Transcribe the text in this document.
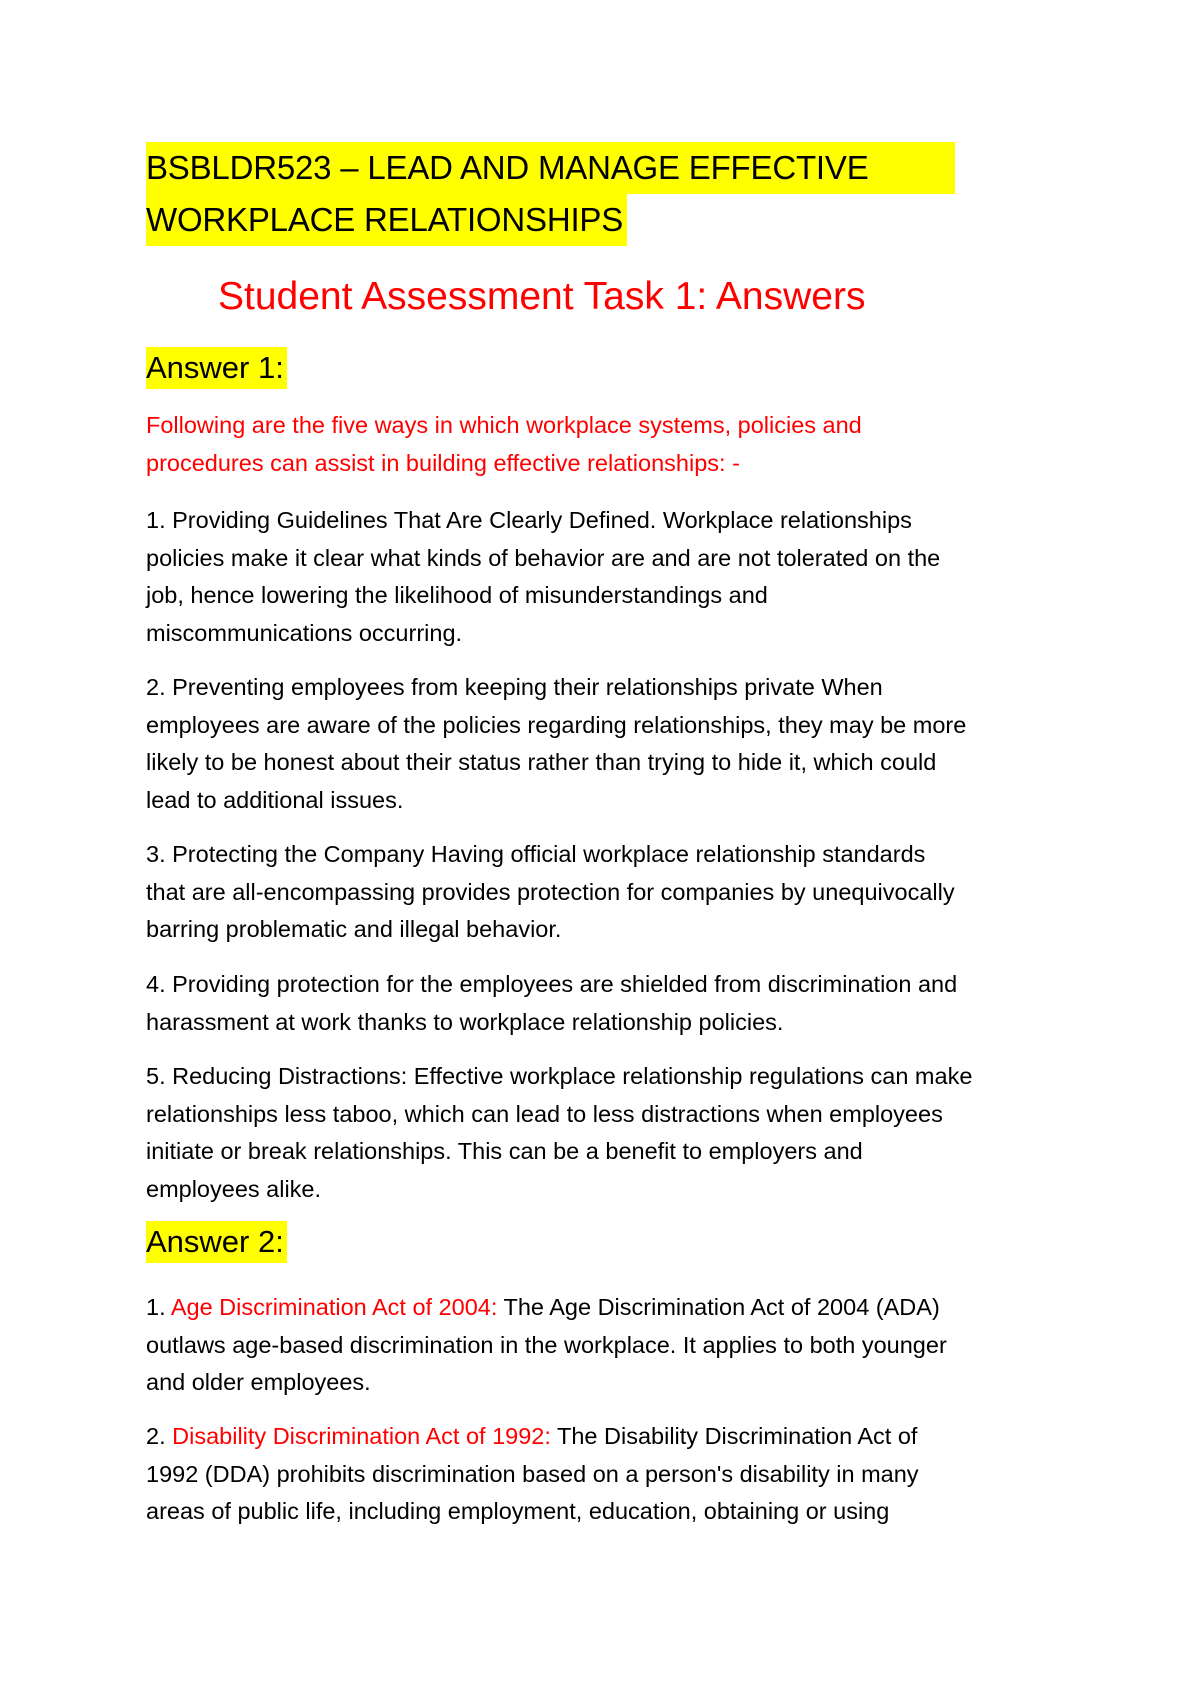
BSBLDR523 – LEAD AND MANAGE EFFECTIVE
WORKPLACE RELATIONSHIPS
Student Assessment Task 1: Answers
Answer 1:

Following are the five ways in which workplace systems, policies and
procedures can assist in building effective relationships: -

1. Providing Guidelines That Are Clearly Defined. Workplace relationships
policies make it clear what kinds of behavior are and are not tolerated on the
job, hence lowering the likelihood of misunderstandings and
miscommunications occurring.

2. Preventing employees from keeping their relationships private When
employees are aware of the policies regarding relationships, they may be more
likely to be honest about their status rather than trying to hide it, which could
lead to additional issues.

3. Protecting the Company Having official workplace relationship standards
that are all-encompassing provides protection for companies by unequivocally
barring problematic and illegal behavior.

4. Providing protection for the employees are shielded from discrimination and
harassment at work thanks to workplace relationship policies.

5. Reducing Distractions: Effective workplace relationship regulations can make
relationships less taboo, which can lead to less distractions when employees
initiate or break relationships. This can be a benefit to employers and
employees alike.

Answer 2:

1. Age Discrimination Act of 2004: The Age Discrimination Act of 2004 (ADA)
outlaws age-based discrimination in the workplace. It applies to both younger
and older employees.

2. Disability Discrimination Act of 1992: The Disability Discrimination Act of
1992 (DDA) prohibits discrimination based on a person's disability in many
areas of public life, including employment, education, obtaining or using
